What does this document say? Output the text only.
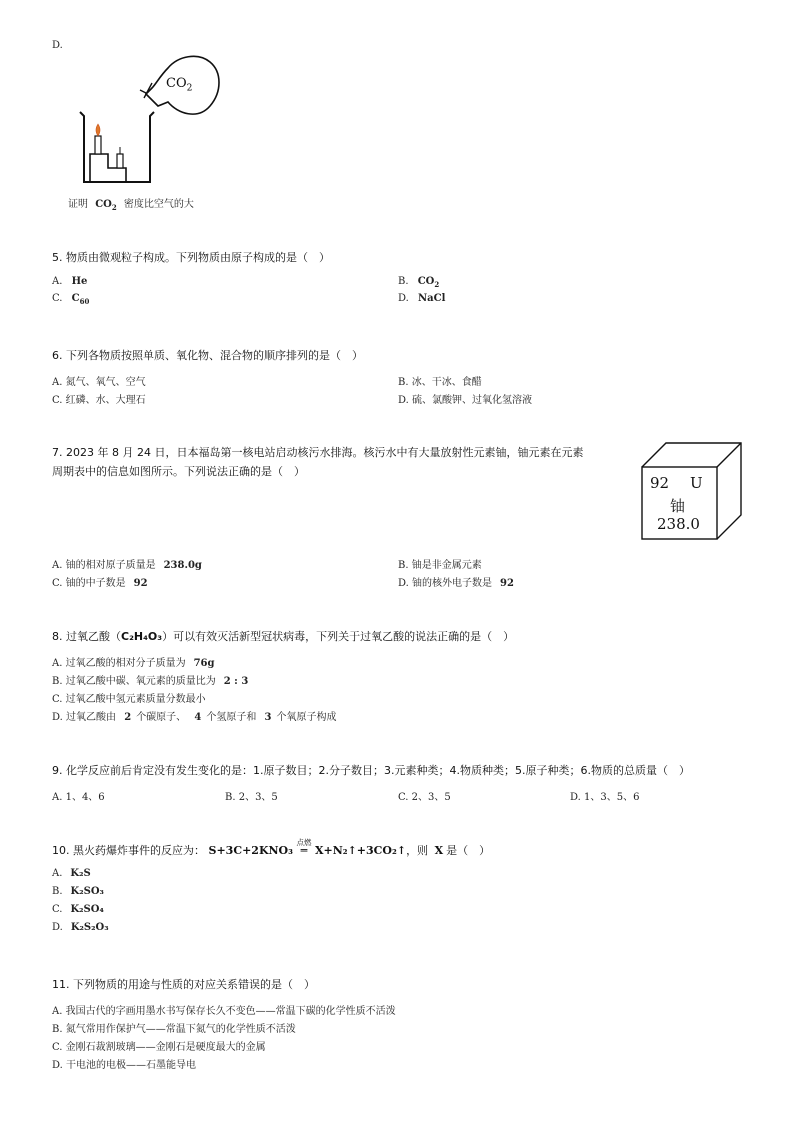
D.
$CO_2$
证明 $CO_2$ 密度比空气的大
5. 物质由微观粒子构成。下列物质由原子构成的是（　）
A. He	B. $CO_2$
C. $C_{60}$	D. NaCl
6. 下列各物质按照单质、氧化物、混合物的顺序排列的是（　）
A. 氮气、氧气、空气	B. 冰、干冰、食醋
C. 红磷、水、大理石	D. 硫、氯酸钾、过氧化氢溶液
7. 2023 年 8 月 24 日，日本福岛第一核电站启动核污水排海。核污水中有大量放射性元素铀，铀元素在元素
周期表中的信息如图所示。下列说法正确的是（　）
92 U
铀
238.0
A. 铀的相对原子质量是 238.0g	B. 铀是非金属元素
C. 铀的中子数是 92	D. 铀的核外电子数是 92
8. 过氧乙酸（C₂H₄O₃）可以有效灭活新型冠状病毒，下列关于过氧乙酸的说法正确的是（　）
A. 过氧乙酸的相对分子质量为 76g
B. 过氧乙酸中碳、氧元素的质量比为 2 : 3
C. 过氧乙酸中氢元素质量分数最小
D. 过氧乙酸由 2 个碳原子、 4 个氢原子和 3 个氧原子构成
9. 化学反应前后肯定没有发生变化的是：1.原子数目；2.分子数目；3.元素种类；4.物质种类；5.原子种类；6.物质的总质量（　）
A. 1、4、6	B. 2、3、5	C. 2、3、5	D. 1、3、5、6
10. 黑火药爆炸事件的反应为： S+3C+2KNO₃
点燃
═ X+N₂↑+3CO₂↑，则 X 是（　）
A. K₂S
B. K₂SO₃
C. K₂SO₄
D. K₂S₂O₃
11. 下列物质的用途与性质的对应关系错误的是（　）
A. 我国古代的字画用墨水书写保存长久不变色——常温下碳的化学性质不活泼
B. 氮气常用作保护气——常温下氮气的化学性质不活泼
C. 金刚石裁割玻璃——金刚石是硬度最大的金属
D. 干电池的电极——石墨能导电
